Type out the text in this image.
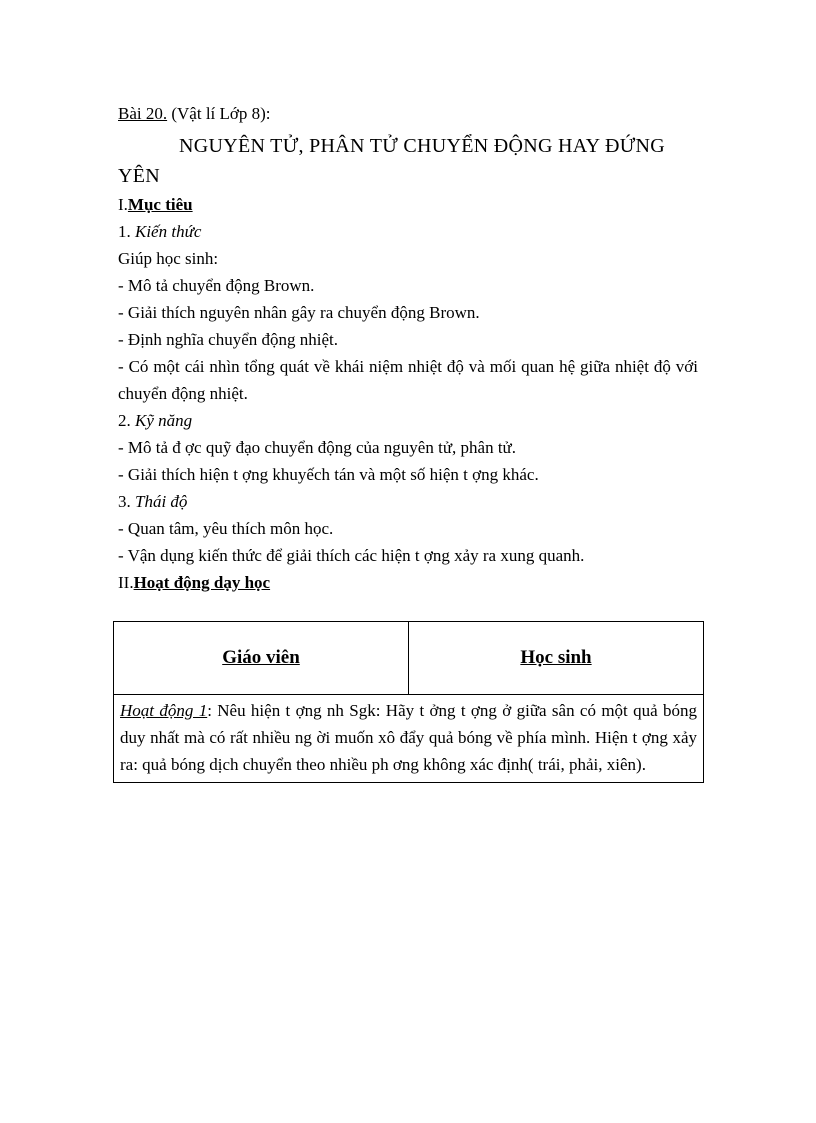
Bài 20. (Vật lí Lớp 8):
NGUYÊN TỬ, PHÂN TỬ CHUYỂN ĐỘNG HAY ĐỨNG
YÊN
I.Mục tiêu
1. Kiến thức
Giúp học sinh:
- Mô tả chuyển động Brown.
- Giải thích nguyên nhân gây ra chuyển động Brown.
- Định nghĩa chuyển động nhiệt.
- Có một cái nhìn tổng quát về khái niệm nhiệt độ và mối quan hệ giữa nhiệt độ với chuyển động nhiệt.
2. Kỹ năng
- Mô tả đ ợc quỹ đạo chuyển động của nguyên tử, phân tử.
- Giải thích hiện t ợng khuyếch tán và một số hiện t ợng khác.
3. Thái độ
- Quan tâm, yêu thích môn học.
- Vận dụng kiến thức để giải thích các hiện t ợng xảy ra xung quanh.
II.Hoạt động dạy học
Giáo viên	Học sinh
Hoạt động 1: Nêu hiện t ợng nh Sgk: Hãy t ởng t ợng ở giữa sân có một quả bóng duy nhất mà có rất nhiều ng ời muốn xô đẩy quả bóng về phía mình. Hiện t ợng xảy ra: quả bóng dịch chuyển theo nhiều ph ơng không xác định( trái, phải, xiên).
